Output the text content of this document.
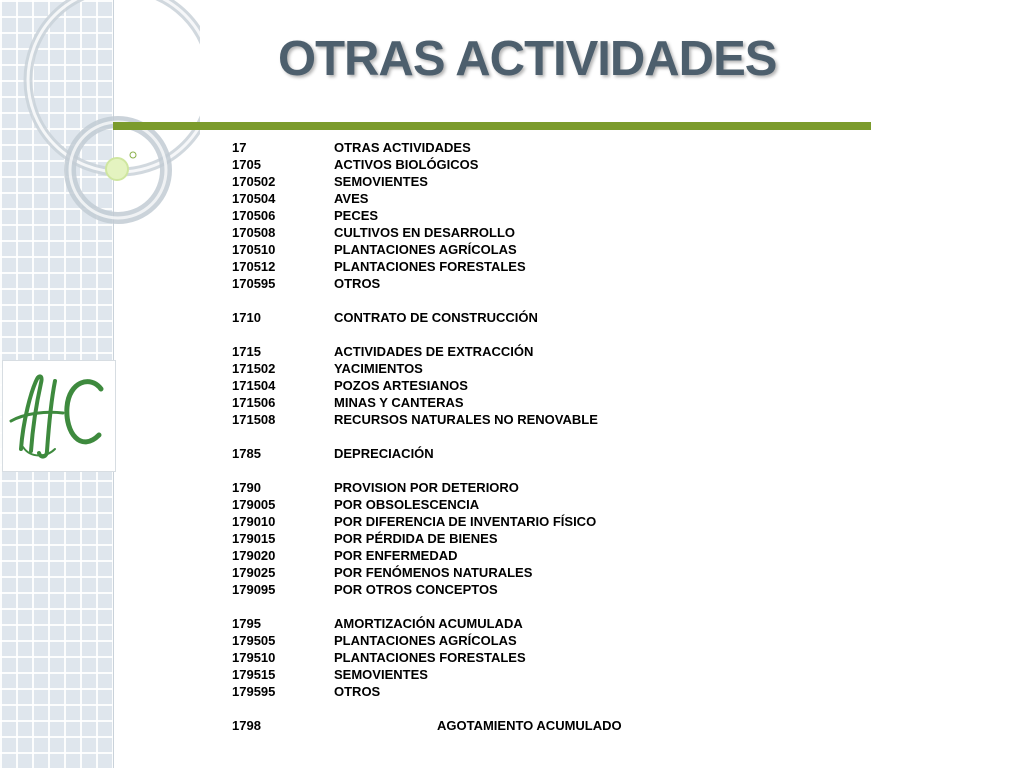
OTRAS ACTIVIDADES
17	OTRAS ACTIVIDADES
1705	ACTIVOS BIOLÓGICOS
170502	SEMOVIENTES
170504	AVES
170506	PECES
170508	CULTIVOS EN DESARROLLO
170510	PLANTACIONES AGRÍCOLAS
170512	PLANTACIONES FORESTALES
170595	OTROS
1710	CONTRATO DE CONSTRUCCIÓN
1715	ACTIVIDADES DE EXTRACCIÓN
171502	YACIMIENTOS
171504	POZOS ARTESIANOS
171506	MINAS Y CANTERAS
171508	RECURSOS NATURALES NO RENOVABLE
1785	DEPRECIACIÓN
1790	PROVISION POR DETERIORO
179005	POR OBSOLESCENCIA
179010	POR DIFERENCIA DE INVENTARIO FÍSICO
179015	POR PÉRDIDA DE BIENES
179020	POR ENFERMEDAD
179025	POR FENÓMENOS NATURALES
179095	POR OTROS CONCEPTOS
1795	AMORTIZACIÓN ACUMULADA
179505	PLANTACIONES AGRÍCOLAS
179510	PLANTACIONES FORESTALES
179515	SEMOVIENTES
179595	OTROS
1798	AGOTAMIENTO ACUMULADO
